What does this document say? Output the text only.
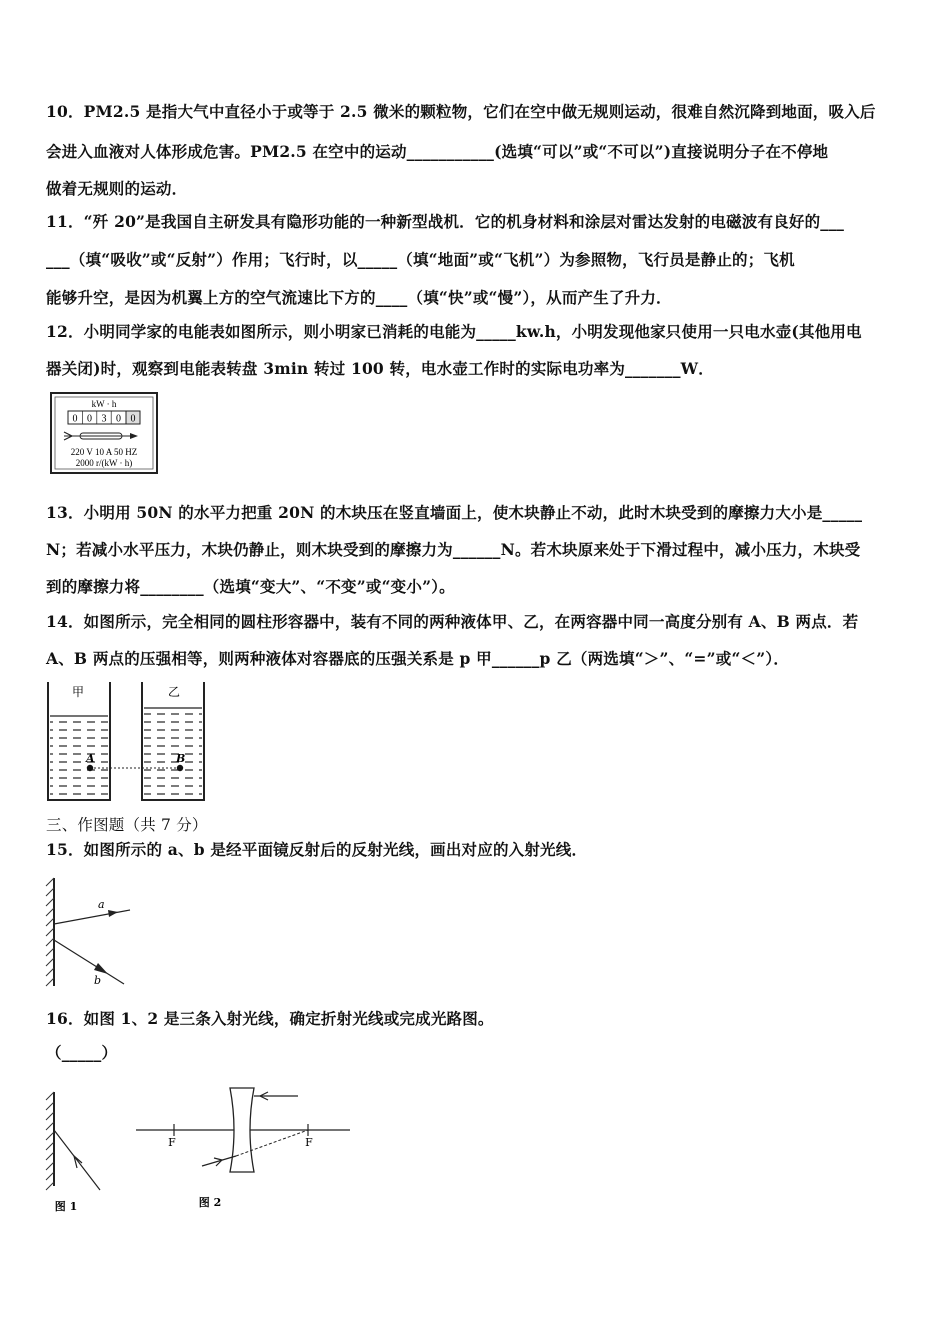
10．PM2.5 是指大气中直径小于或等于 2.5 微米的颗粒物，它们在空中做无规则运动，很难自然沉降到地面，吸入后
会进入血液对人体形成危害。PM2.5 在空中的运动___________(选填“可以”或“不可以”)直接说明分子在不停地
做着无规则的运动．
11．“歼 20”是我国自主研发具有隐形功能的一种新型战机．它的机身材料和涂层对雷达发射的电磁波有良好的___
___（填“吸收”或“反射”）作用；飞行时，以_____（填“地面”或“飞机”）为参照物，飞行员是静止的；飞机
能够升空，是因为机翼上方的空气流速比下方的____（填“快”或“慢”），从而产生了升力．
12．小明同学家的电能表如图所示，则小明家已消耗的电能为_____kw.h，小明发现他家只使用一只电水壶(其他用电
器关闭)时，观察到电能表转盘 3min 转过 100 转，电水壶工作时的实际电功率为_______W．
kW · h
0 0 3 0 0
220 V 10 A 50 HZ
2000 r/(kW · h)
13．小明用 50N 的水平力把重 20N 的木块压在竖直墙面上，使木块静止不动，此时木块受到的摩擦力大小是_____
N；若减小水平压力，木块仍静止，则木块受到的摩擦力为______N。若木块原来处于下滑过程中，减小压力，木块受
到的摩擦力将________（选填“变大”、“不变”或“变小”）。
14．如图所示，完全相同的圆柱形容器中，装有不同的两种液体甲、乙，在两容器中同一高度分别有 A、B 两点．若
A、B 两点的压强相等，则两种液体对容器底的压强关系是 p 甲______p 乙（两选填“＞”、“=”或“＜”）．
甲	乙
A	B
三、作图题（共 7 分）
15．如图所示的 a、b 是经平面镜反射后的反射光线，画出对应的入射光线．
a
b
16．如图 1、2 是三条入射光线，确定折射光线或完成光路图。
（_____）
图 1
F	F
图 2
